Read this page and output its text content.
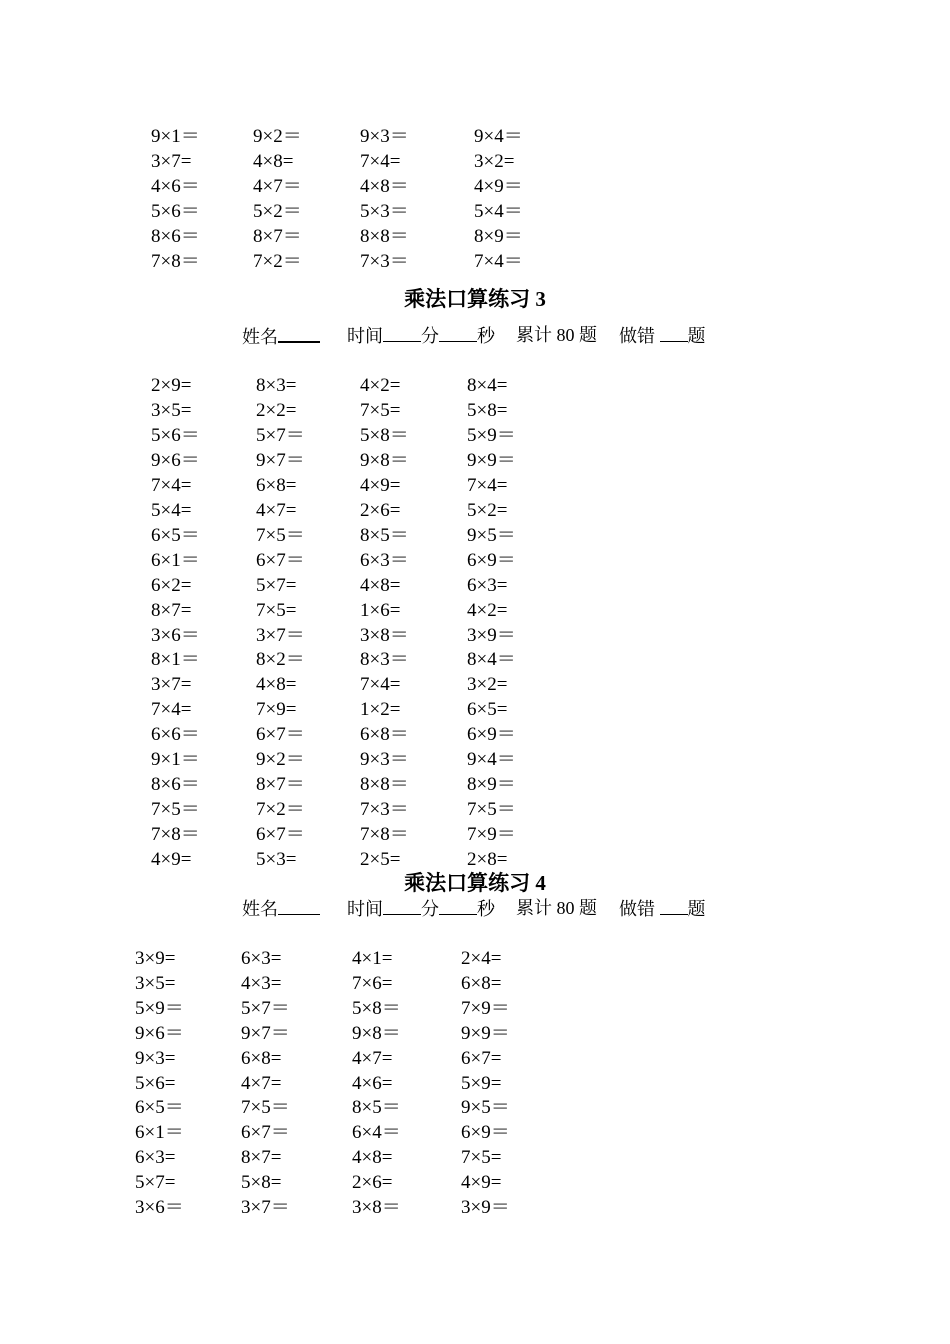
9×1＝	9×2＝	9×3＝	9×4＝
3×7=	4×8=	7×4=	3×2=
4×6＝	4×7＝	4×8＝	4×9＝
5×6＝	5×2＝	5×3＝	5×4＝
8×6＝	8×7＝	8×8＝	8×9＝
7×8＝	7×2＝	7×3＝	7×4＝
乘法口算练习 3
姓名	时间 分 秒 累计 80 题 做错 题
2×9=	8×3=	4×2=	8×4=
3×5=	2×2=	7×5=	5×8=
5×6＝	5×7＝	5×8＝	5×9＝
9×6＝	9×7＝	9×8＝	9×9＝
7×4=	6×8=	4×9=	7×4=
5×4=	4×7=	2×6=	5×2=
6×5＝	7×5＝	8×5＝	9×5＝
6×1＝	6×7＝	6×3＝	6×9＝
6×2=	5×7=	4×8=	6×3=
8×7=	7×5=	1×6=	4×2=
3×6＝	3×7＝	3×8＝	3×9＝
8×1＝	8×2＝	8×3＝	8×4＝
3×7=	4×8=	7×4=	3×2=
7×4=	7×9=	1×2=	6×5=
6×6＝	6×7＝	6×8＝	6×9＝
9×1＝	9×2＝	9×3＝	9×4＝
8×6＝	8×7＝	8×8＝	8×9＝
7×5＝	7×2＝	7×3＝	7×5＝
7×8＝	6×7＝	7×8＝	7×9＝
4×9=	5×3=	2×5=	2×8=
乘法口算练习 4
姓名	时间 分 秒 累计 80 题 做错 题
3×9=	6×3=	4×1=	2×4=
3×5=	4×3=	7×6=	6×8=
5×9＝	5×7＝	5×8＝	7×9＝
9×6＝	9×7＝	9×8＝	9×9＝
9×3=	6×8=	4×7=	6×7=
5×6=	4×7=	4×6=	5×9=
6×5＝	7×5＝	8×5＝	9×5＝
6×1＝	6×7＝	6×4＝	6×9＝
6×3=	8×7=	4×8=	7×5=
5×7=	5×8=	2×6=	4×9=
3×6＝	3×7＝	3×8＝	3×9＝
